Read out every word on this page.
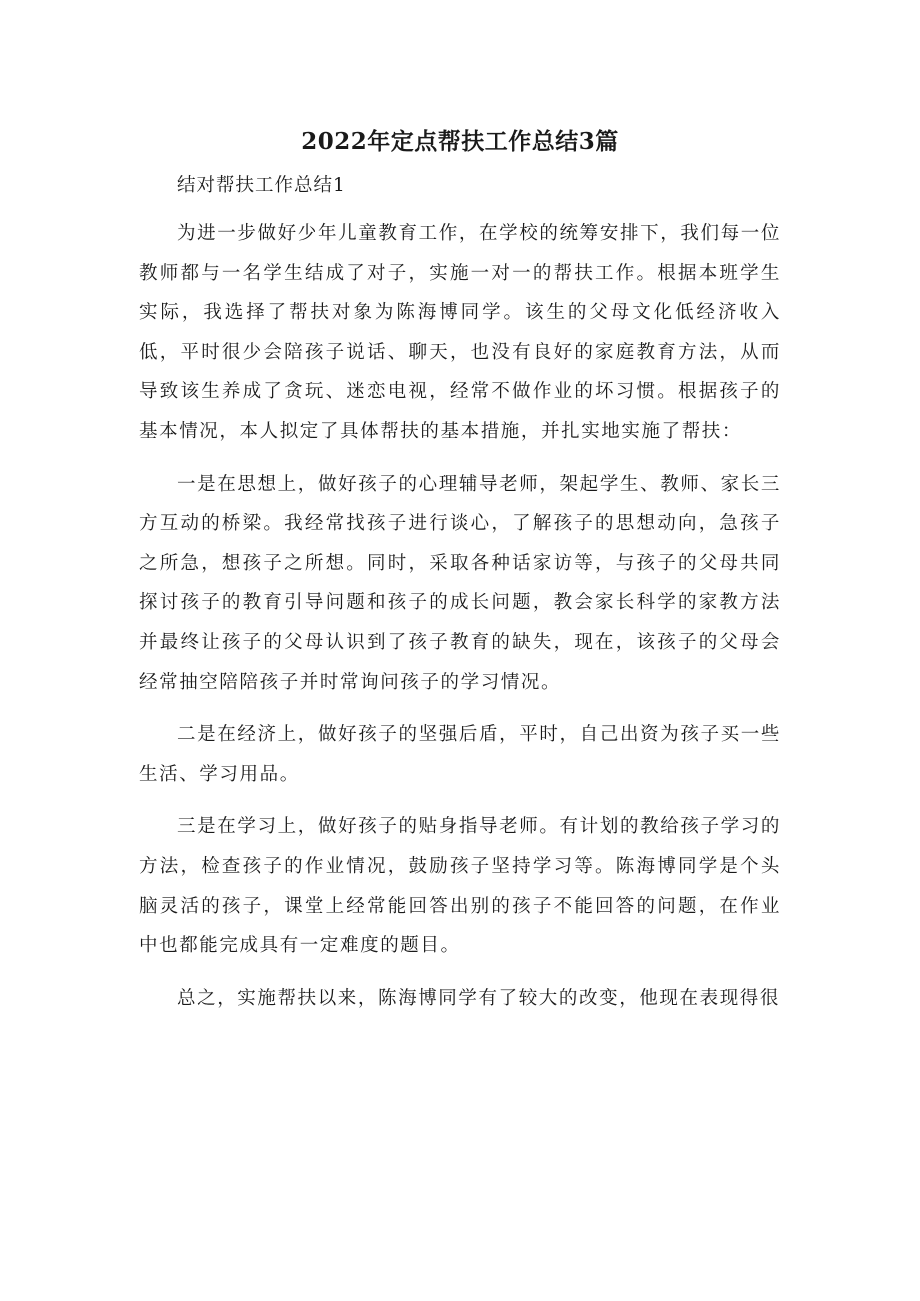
2022年定点帮扶工作总结3篇

结对帮扶工作总结1

为进一步做好少年儿童教育工作，在学校的统筹安排下，我们每一位教师都与一名学生结成了对子，实施一对一的帮扶工作。根据本班学生实际，我选择了帮扶对象为陈海博同学。该生的父母文化低经济收入低，平时很少会陪孩子说话、聊天，也没有良好的家庭教育方法，从而导致该生养成了贪玩、迷恋电视，经常不做作业的坏习惯。根据孩子的基本情况，本人拟定了具体帮扶的基本措施，并扎实地实施了帮扶：

一是在思想上，做好孩子的心理辅导老师，架起学生、教师、家长三方互动的桥梁。我经常找孩子进行谈心，了解孩子的思想动向，急孩子之所急，想孩子之所想。同时，采取各种话家访等，与孩子的父母共同探讨孩子的教育引导问题和孩子的成长问题，教会家长科学的家教方法并最终让孩子的父母认识到了孩子教育的缺失，现在，该孩子的父母会经常抽空陪陪孩子并时常询问孩子的学习情况。

二是在经济上，做好孩子的坚强后盾，平时，自己出资为孩子买一些生活、学习用品。

三是在学习上，做好孩子的贴身指导老师。有计划的教给孩子学习的方法，检查孩子的作业情况，鼓励孩子坚持学习等。陈海博同学是个头脑灵活的孩子，课堂上经常能回答出别的孩子不能回答的问题，在作业中也都能完成具有一定难度的题目。

总之，实施帮扶以来，陈海博同学有了较大的改变，他现在表现得很
